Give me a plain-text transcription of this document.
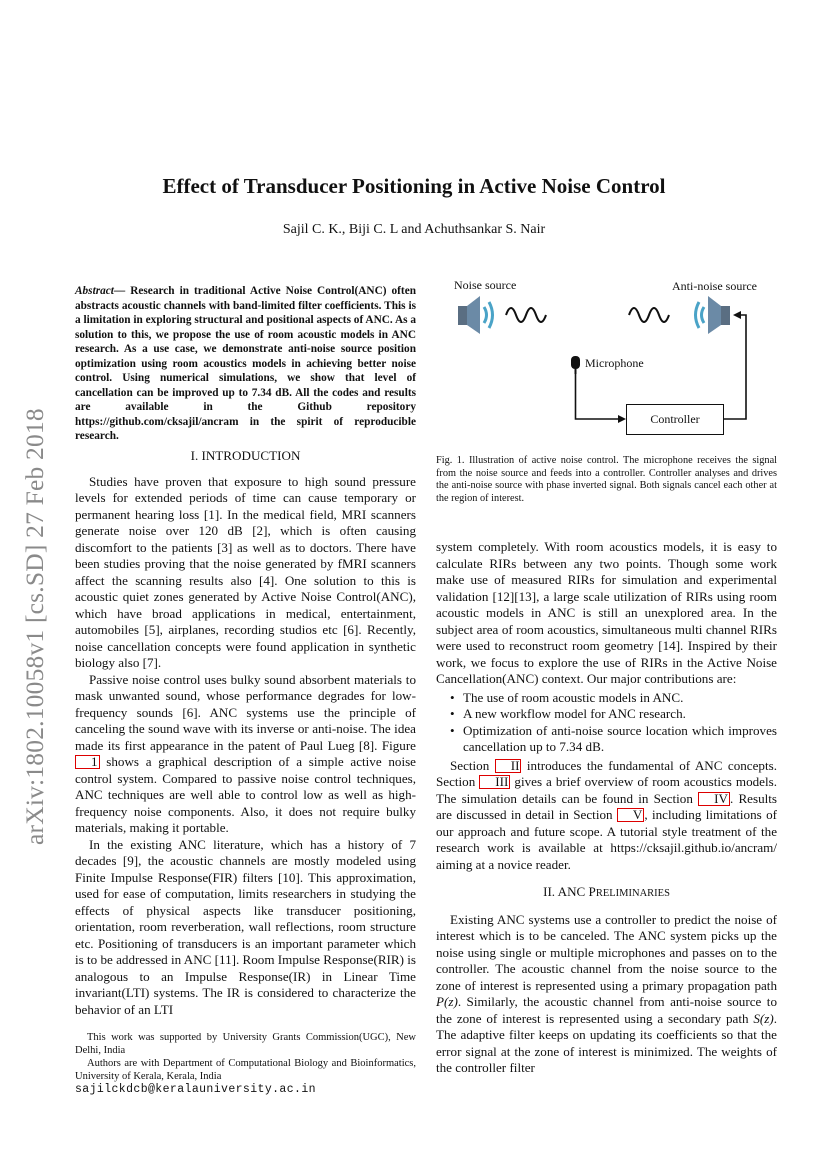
arXiv:1802.10058v1 [cs.SD] 27 Feb 2018
Effect of Transducer Positioning in Active Noise Control
Sajil C. K., Biji C. L and Achuthsankar S. Nair
Abstract— Research in traditional Active Noise Control(ANC) often abstracts acoustic channels with band-limited filter coefficients. This is a limitation in exploring structural and positional aspects of ANC. As a solution to this, we propose the use of room acoustic models in ANC research. As a use case, we demonstrate anti-noise source position optimization using room acoustics models in achieving better noise control. Using numerical simulations, we show that level of cancellation can be improved up to 7.34 dB. All the codes and results are available in the Github repository https://github.com/cksajil/ancram in the spirit of reproducible research.
I. INTRODUCTION

Studies have proven that exposure to high sound pressure levels for extended periods of time can cause temporary or permanent hearing loss [1]. In the medical field, MRI scanners generate noise over 120 dB [2], which is often causing discomfort to the patients [3] as well as to doctors. There have been studies proving that the noise generated by fMRI scanners affect the scanning results also [4]. One solution to this is acoustic quiet zones generated by Active Noise Control(ANC), which have broad applications in medical, entertainment, automobiles [5], airplanes, recording studios etc [6]. Recently, noise cancellation concepts were found application in synthetic biology also [7].

Passive noise control uses bulky sound absorbent materials to mask unwanted sound, whose performance degrades for low-frequency sounds [6]. ANC systems use the principle of canceling the sound wave with its inverse or anti-noise. The idea made its first appearance in the patent of Paul Lueg [8]. Figure 1 shows a graphical description of a simple active noise control system. Compared to passive noise control techniques, ANC techniques are well able to control low as well as high-frequency noise components. Also, it does not require bulky materials, making it portable.

In the existing ANC literature, which has a history of 7 decades [9], the acoustic channels are mostly modeled using Finite Impulse Response(FIR) filters [10]. This approximation, used for ease of computation, limits researchers in studying the effects of physical aspects like transducer positioning, orientation, room reverberation, wall reflections, room structure etc. Positioning of transducers is an important parameter which is to be addressed in ANC [11]. Room Impulse Response(RIR) is analogous to an Impulse Response(IR) in Linear Time invariant(LTI) systems. The IR is considered to characterize the behavior of an LTI

This work was supported by University Grants Commission(UGC), New Delhi, India
Authors are with Department of Computational Biology and Bioinformatics, University of Kerala, Kerala, India
sajilckdcb@keralauniversity.ac.in
Noise source	Anti-noise source
Microphone
Controller
Fig. 1. Illustration of active noise control. The microphone receives the signal from the noise source and feeds into a controller. Controller analyses and drives the anti-noise source with phase inverted signal. Both signals cancel each other at the region of interest.

system completely. With room acoustics models, it is easy to calculate RIRs between any two points. Though some work make use of measured RIRs for simulation and experimental validation [12][13], a large scale utilization of RIRs using room acoustic models in ANC is still an unexplored area. In the subject area of room acoustics, simultaneous multi channel RIRs were used to reconstruct room geometry [14]. Inspired by their work, we focus to explore the use of RIRs in the Active Noise Cancellation(ANC) context. Our major contributions are:

• The use of room acoustic models in ANC.
• A new workflow model for ANC research.
• Optimization of anti-noise source location which improves cancellation up to 7.34 dB.

Section II introduces the fundamental of ANC concepts. Section III gives a brief overview of room acoustics models. The simulation details can be found in Section IV . Results are discussed in detail in Section V , including limitations of our approach and future scope. A tutorial style treatment of the research work is available at https://cksajil.github.io/ancram/ aiming at a novice reader.

II. ANC PRELIMINARIES

Existing ANC systems use a controller to predict the noise of interest which is to be canceled. The ANC system picks up the noise using single or multiple microphones and passes on to the controller. The acoustic channel from the noise source to the zone of interest is represented using a primary propagation path P(z). Similarly, the acoustic channel from anti-noise source to the zone of interest is represented using a secondary path S(z). The adaptive filter keeps on updating its coefficients so that the error signal at the zone of interest is minimized. The weights of the controller filter
